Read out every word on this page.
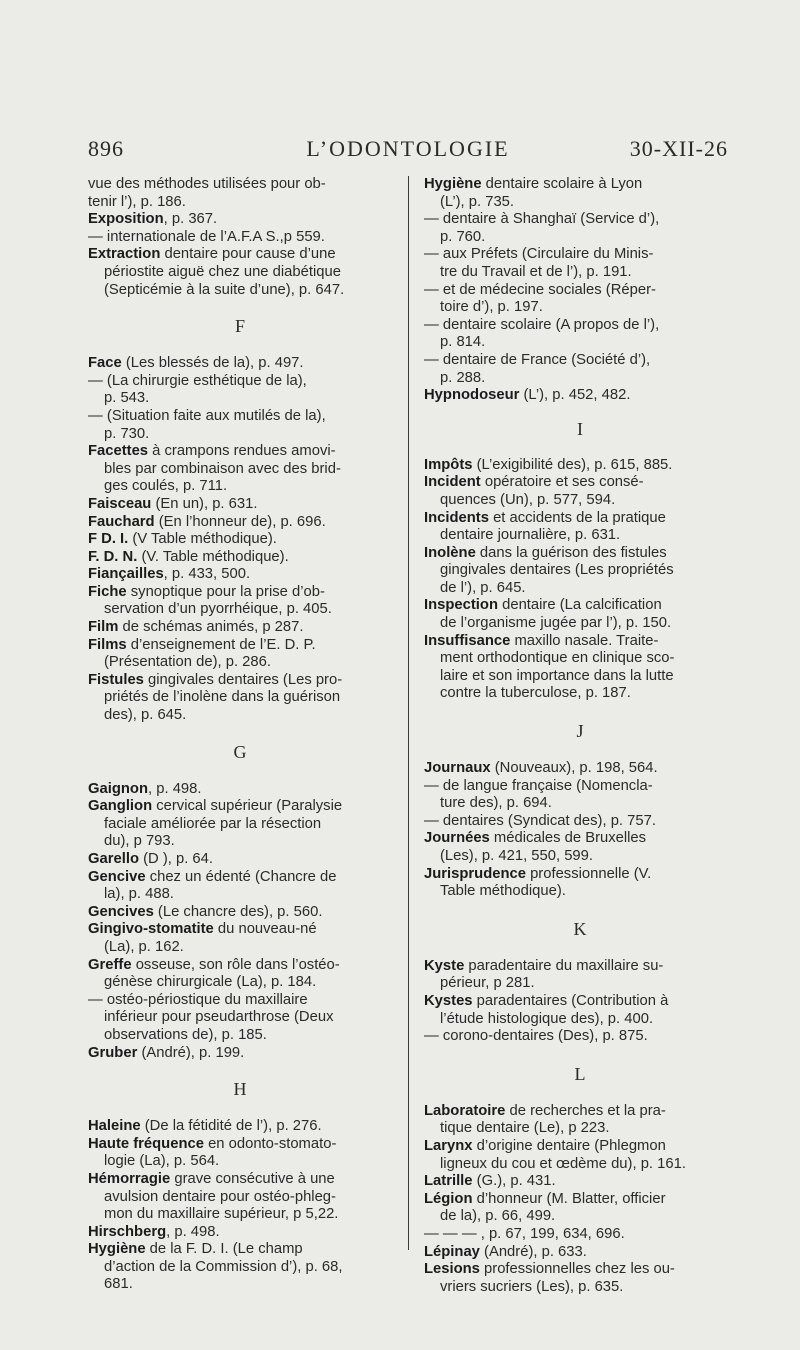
896	L’ODONTOLOGIE	30-XII-26
vue des méthodes utilisées pour ob-
tenir l’), p. 186.
Exposition, p. 367.
— internationale de l’A.F.A S.,p 559.
Extraction dentaire pour cause d’une
périostite aiguë chez une diabétique
(Septicémie à la suite d’une), p. 647.
F
Face (Les blessés de la), p. 497.
— (La chirurgie esthétique de la),
p. 543.
— (Situation faite aux mutilés de la),
p. 730.
Facettes à crampons rendues amovi-
bles par combinaison avec des brid-
ges coulés, p. 711.
Faisceau (En un), p. 631.
Fauchard (En l’honneur de), p. 696.
F D. I. (V Table méthodique).
F. D. N. (V. Table méthodique).
Fiançailles, p. 433, 500.
Fiche synoptique pour la prise d’ob-
servation d’un pyorrhéique, p. 405.
Film de schémas animés, p 287.
Films d’enseignement de l’E. D. P.
(Présentation de), p. 286.
Fistules gingivales dentaires (Les pro-
priétés de l’inolène dans la guérison
des), p. 645.
G
Gaignon, p. 498.
Ganglion cervical supérieur (Paralysie
faciale améliorée par la résection
du), p 793.
Garello (D ), p. 64.
Gencive chez un édenté (Chancre de
la), p. 488.
Gencives (Le chancre des), p. 560.
Gingivo-stomatite du nouveau-né
(La), p. 162.
Greffe osseuse, son rôle dans l’ostéo-
génèse chirurgicale (La), p. 184.
— ostéo-périostique du maxillaire
inférieur pour pseudarthrose (Deux
observations de), p. 185.
Gruber (André), p. 199.
H
Haleine (De la fétidité de l’), p. 276.
Haute fréquence en odonto-stomato-
logie (La), p. 564.
Hémorragie grave consécutive à une
avulsion dentaire pour ostéo-phleg-
mon du maxillaire supérieur, p 5,22.
Hirschberg, p. 498.
Hygiène de la F. D. I. (Le champ
d’action de la Commission d’), p. 68,
681.
Hygiène dentaire scolaire à Lyon
(L’), p. 735.
— dentaire à Shanghaï (Service d’),
p. 760.
— aux Préfets (Circulaire du Minis-
tre du Travail et de l’), p. 191.
— et de médecine sociales (Réper-
toire d’), p. 197.
— dentaire scolaire (A propos de l’),
p. 814.
— dentaire de France (Société d’),
p. 288.
Hypnodoseur (L’), p. 452, 482.
I
Impôts (L’exigibilité des), p. 615, 885.
Incident opératoire et ses consé-
quences (Un), p. 577, 594.
Incidents et accidents de la pratique
dentaire journalière, p. 631.
Inolène dans la guérison des fistules
gingivales dentaires (Les propriétés
de l’), p. 645.
Inspection dentaire (La calcification
de l’organisme jugée par l’), p. 150.
Insuffisance maxillo nasale. Traite-
ment orthodontique en clinique sco-
laire et son importance dans la lutte
contre la tuberculose, p. 187.
J
Journaux (Nouveaux), p. 198, 564.
— de langue française (Nomencla-
ture des), p. 694.
— dentaires (Syndicat des), p. 757.
Journées médicales de Bruxelles
(Les), p. 421, 550, 599.
Jurisprudence professionnelle (V.
Table méthodique).
K
Kyste paradentaire du maxillaire su-
périeur, p 281.
Kystes paradentaires (Contribution à
l’étude histologique des), p. 400.
— corono-dentaires (Des), p. 875.
L
Laboratoire de recherches et la pra-
tique dentaire (Le), p 223.
Larynx d’origine dentaire (Phlegmon
ligneux du cou et œdème du), p. 161.
Latrille (G.), p. 431.
Légion d’honneur (M. Blatter, officier
de la), p. 66, 499.
— — — , p. 67, 199, 634, 696.
Lépinay (André), p. 633.
Lesions professionnelles chez les ou-
vriers sucriers (Les), p. 635.
